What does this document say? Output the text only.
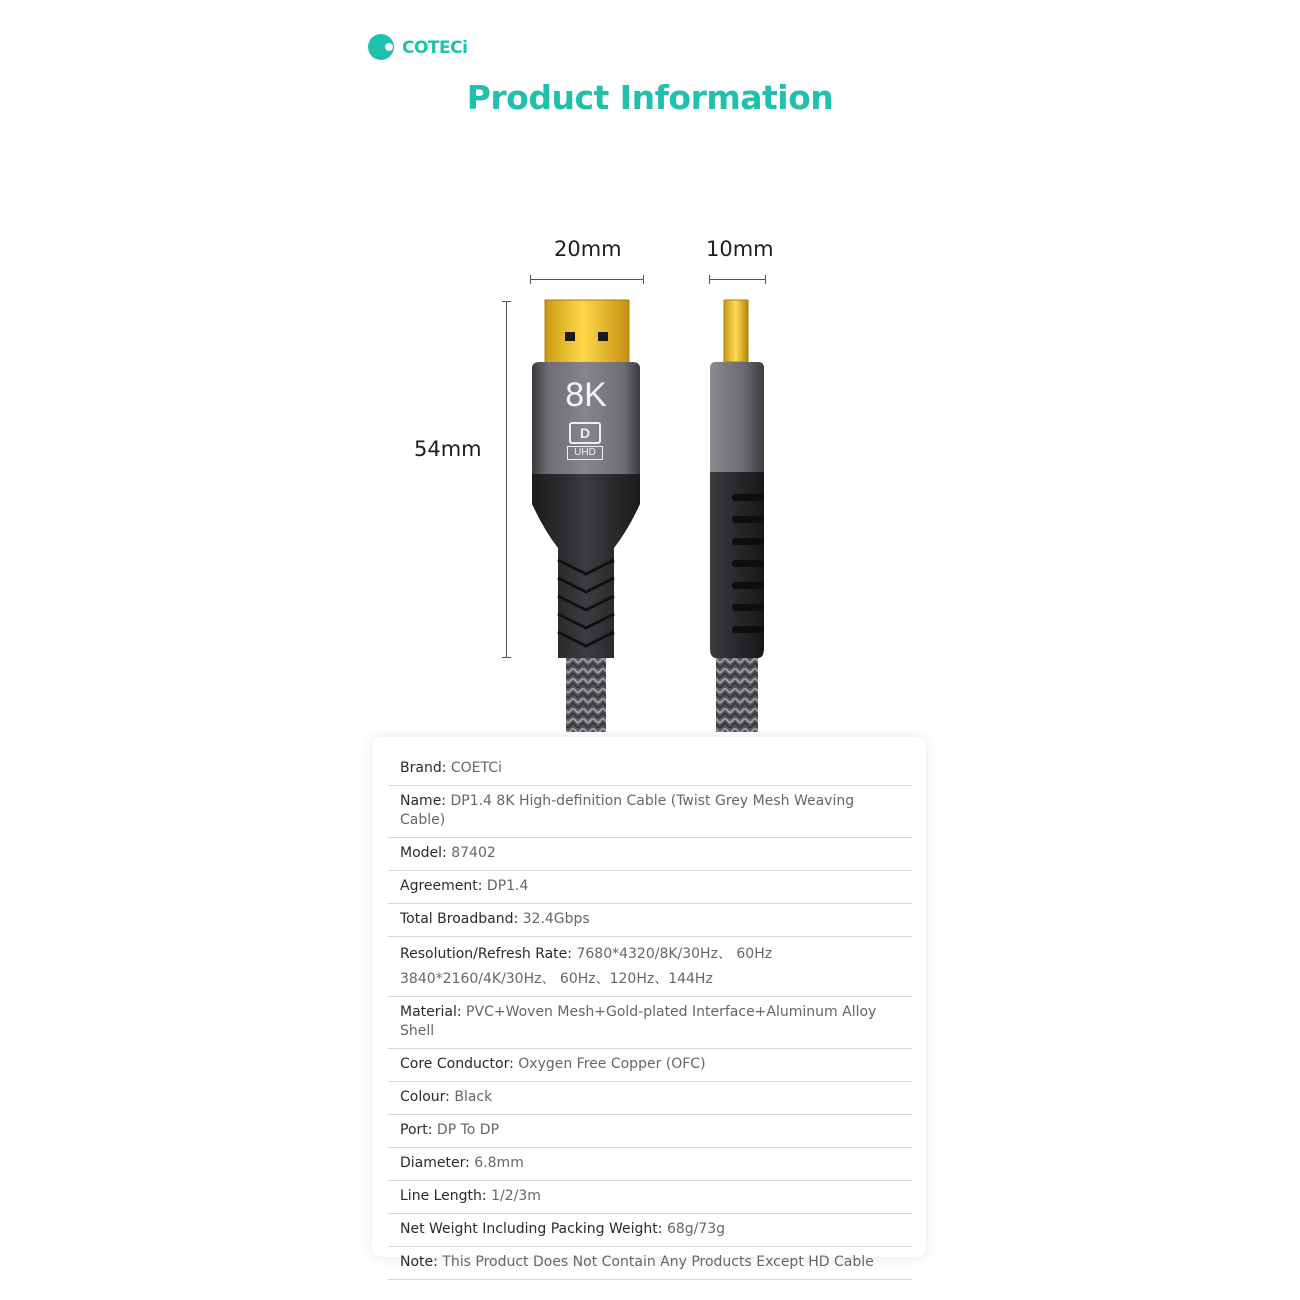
COTECi
Product Information
20mm	10mm
54mm
8K
D
UHD
Brand: COETCi
Name: DP1.4 8K High-definition Cable (Twist Grey Mesh Weaving Cable)
Model: 87402
Agreement: DP1.4
Total Broadband: 32.4Gbps
Resolution/Refresh Rate: 7680*4320/8K/30Hz、 60Hz 3840*2160/4K/30Hz、 60Hz、120Hz、144Hz
Material: PVC+Woven Mesh+Gold-plated Interface+Aluminum Alloy Shell
Core Conductor: Oxygen Free Copper (OFC)
Colour: Black
Port: DP To DP
Diameter: 6.8mm
Line Length: 1/2/3m
Net Weight Including Packing Weight: 68g/73g
Note: This Product Does Not Contain Any Products Except HD Cable
